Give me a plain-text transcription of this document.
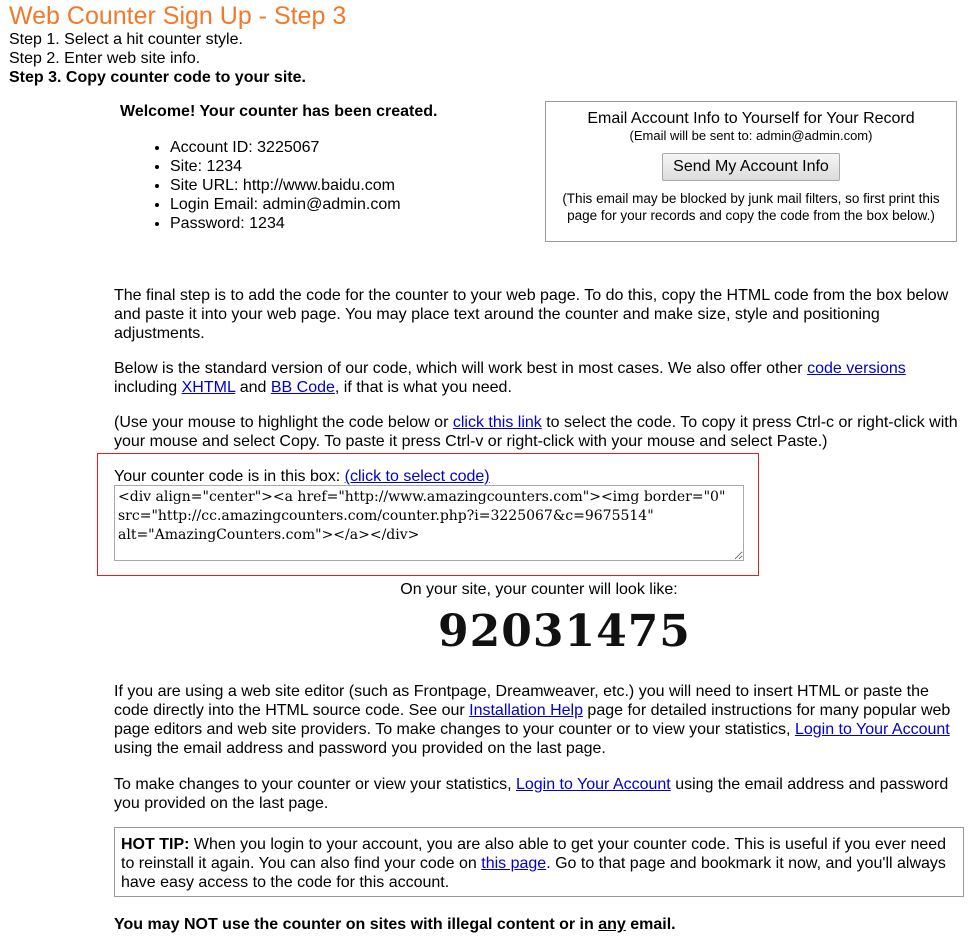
Web Counter Sign Up - Step 3
Step 1. Select a hit counter style.
Step 2. Enter web site info.
Step 3. Copy counter code to your site.
Welcome! Your counter has been created.
• Account ID: 3225067
• Site: 1234
• Site URL: http://www.baidu.com
• Login Email: admin@admin.com
• Password: 1234
Email Account Info to Yourself for Your Record
(Email will be sent to: admin@admin.com)
Send My Account Info
(This email may be blocked by junk mail filters, so first print this page for your records and copy the code from the box below.)
The final step is to add the code for the counter to your web page. To do this, copy the HTML code from the box below and paste it into your web page. You may place text around the counter and make size, style and positioning adjustments.
Below is the standard version of our code, which will work best in most cases. We also offer other code versions including XHTML and BB Code, if that is what you need.
(Use your mouse to highlight the code below or click this link to select the code. To copy it press Ctrl-c or right-click with your mouse and select Copy. To paste it press Ctrl-v or right-click with your mouse and select Paste.)
Your counter code is in this box: (click to select code)
<div align="center"><a href="http://www.amazingcounters.com"><img border="0" src="http://cc.amazingcounters.com/counter.php?i=3225067&c=9675514" alt="AmazingCounters.com"></a></div>
On your site, your counter will look like:
92031475
If you are using a web site editor (such as Frontpage, Dreamweaver, etc.) you will need to insert HTML or paste the code directly into the HTML source code. See our Installation Help page for detailed instructions for many popular web page editors and web site providers. To make changes to your counter or to view your statistics, Login to Your Account using the email address and password you provided on the last page.
To make changes to your counter or view your statistics, Login to Your Account using the email address and password you provided on the last page.
HOT TIP: When you login to your account, you are also able to get your counter code. This is useful if you ever need to reinstall it again. You can also find your code on this page. Go to that page and bookmark it now, and you'll always have easy access to the code for this account.
You may NOT use the counter on sites with illegal content or in any email.
